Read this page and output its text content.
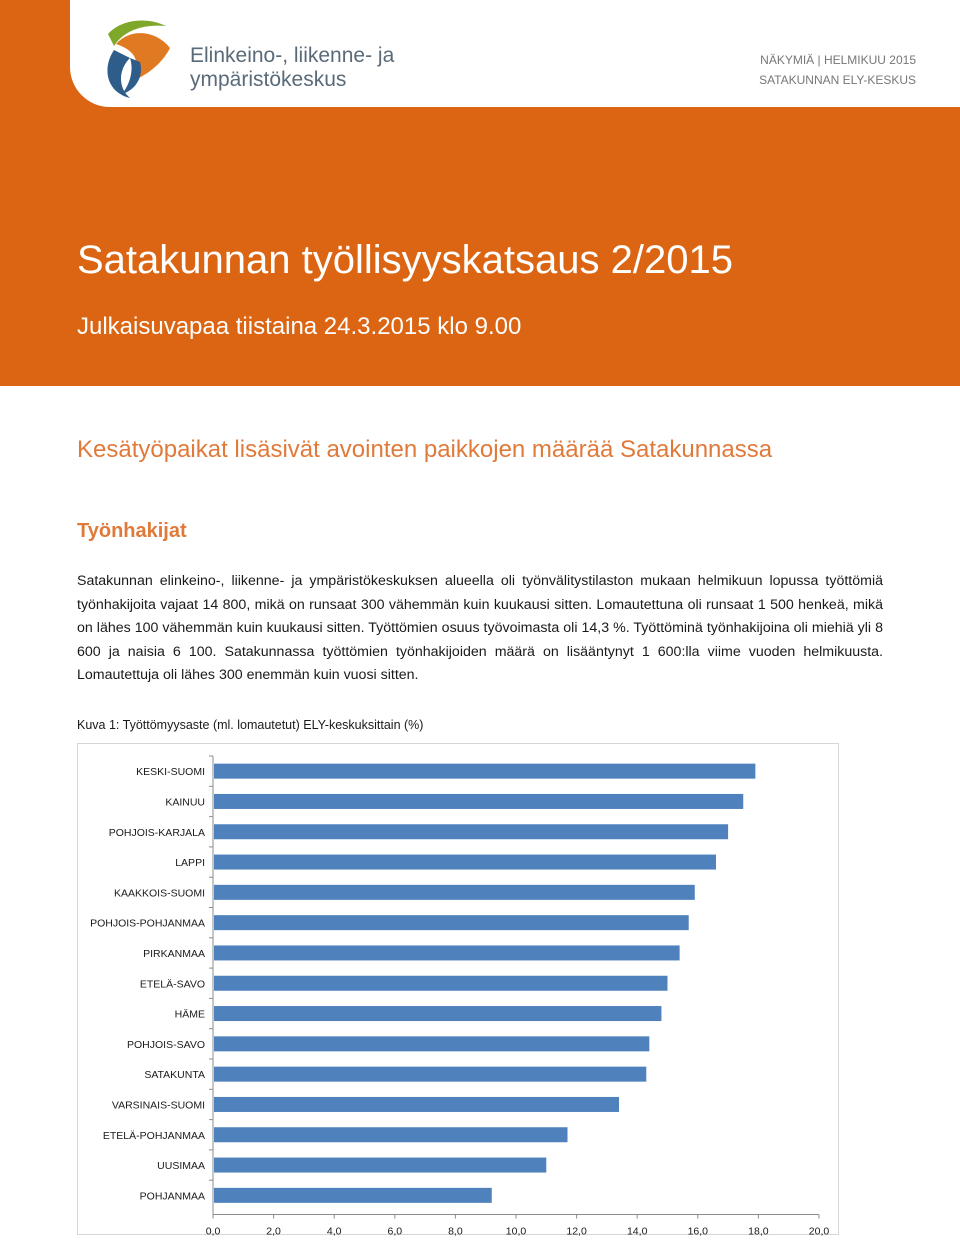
Elinkeino-, liikenne- ja
ympäristökeskus
NÄKYMIÄ | HELMIKUU 2015
SATAKUNNAN ELY-KESKUS
Satakunnan työllisyyskatsaus 2/2015
Julkaisuvapaa tiistaina 24.3.2015 klo 9.00
Kesätyöpaikat lisäsivät avointen paikkojen määrää Satakunnassa
Työnhakijat
Satakunnan elinkeino-, liikenne- ja ympäristökeskuksen alueella oli työnvälitystilaston mukaan helmikuun lopussa työttömiä työnhakijoita vajaat 14 800, mikä on runsaat 300 vähemmän kuin kuukausi sitten. Lomautettuna oli runsaat 1 500 henkeä, mikä on lähes 100 vähemmän kuin kuukausi sitten. Työttömien osuus työvoimasta oli 14,3 %. Työttöminä työnhakijoina oli miehiä yli 8 600 ja naisia 6 100. Satakunnassa työttömien työnhakijoiden määrä on lisääntynyt 1 600:lla viime vuoden helmikuusta. Lomautettuja oli lähes 300 enemmän kuin vuosi sitten.
Kuva 1: Työttömyysaste (ml. lomautetut) ELY-keskuksittain (%)
KESKI-SUOMI
KAINUU
POHJOIS-KARJALA
LAPPI
KAAKKOIS-SUOMI
POHJOIS-POHJANMAA
PIRKANMAA
ETELÄ-SAVO
HÄME
POHJOIS-SAVO
SATAKUNTA
VARSINAIS-SUOMI
ETELÄ-POHJANMAA
UUSIMAA
POHJANMAA
0,0	2,0	4,0	6,0	8,0	10,0	12,0	14,0	16,0	18,0	20,0
